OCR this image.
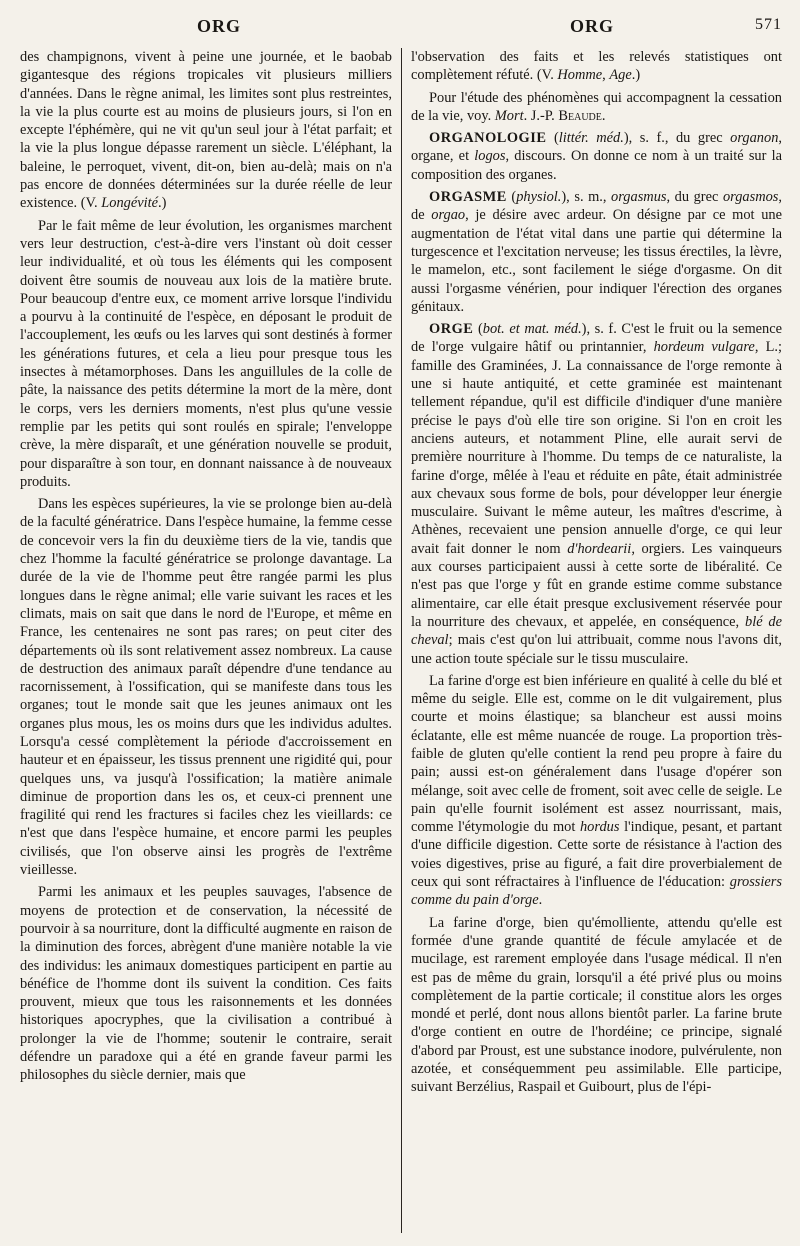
ORG	ORG	571

des champignons, vivent à peine une journée, et le baobab gigantesque des régions tropicales vit plusieurs milliers d'années. Dans le règne animal, les limites sont plus restreintes, la vie la plus courte est au moins de plusieurs jours, si l'on en excepte l'éphémère, qui ne vit qu'un seul jour à l'état parfait; et la vie la plus longue dépasse rarement un siècle. L'éléphant, la baleine, le perroquet, vivent, dit-on, bien au-delà; mais on n'a pas encore de données déterminées sur la durée réelle de leur existence. (V. Longévité.)

Par le fait même de leur évolution, les organismes marchent vers leur destruction, c'est-à-dire vers l'instant où doit cesser leur individualité, et où tous les éléments qui les composent doivent être soumis de nouveau aux lois de la matière brute. Pour beaucoup d'entre eux, ce moment arrive lorsque l'individu a pourvu à la continuité de l'espèce, en déposant le produit de l'accouplement, les œufs ou les larves qui sont destinés à former les générations futures, et cela a lieu pour presque tous les insectes à métamorphoses. Dans les anguillules de la colle de pâte, la naissance des petits détermine la mort de la mère, dont le corps, vers les derniers moments, n'est plus qu'une vessie remplie par les petits qui sont roulés en spirale; l'enveloppe crève, la mère disparaît, et une génération nouvelle se produit, pour disparaître à son tour, en donnant naissance à de nouveaux produits.

Dans les espèces supérieures, la vie se prolonge bien au-delà de la faculté génératrice. Dans l'espèce humaine, la femme cesse de concevoir vers la fin du deuxième tiers de la vie, tandis que chez l'homme la faculté génératrice se prolonge davantage. La durée de la vie de l'homme peut être rangée parmi les plus longues dans le règne animal; elle varie suivant les races et les climats, mais on sait que dans le nord de l'Europe, et même en France, les centenaires ne sont pas rares; on peut citer des départements où ils sont relativement assez nombreux. La cause de destruction des animaux paraît dépendre d'une tendance au racornissement, à l'ossification, qui se manifeste dans tous les organes; tout le monde sait que les jeunes animaux ont les organes plus mous, les os moins durs que les individus adultes. Lorsqu'a cessé complètement la période d'accroissement en hauteur et en épaisseur, les tissus prennent une rigidité qui, pour quelques uns, va jusqu'à l'ossification; la matière animale diminue de proportion dans les os, et ceux-ci prennent une fragilité qui rend les fractures si faciles chez les vieillards: ce n'est que dans l'espèce humaine, et encore parmi les peuples civilisés, que l'on observe ainsi les progrès de l'extrême vieillesse.

Parmi les animaux et les peuples sauvages, l'absence de moyens de protection et de conservation, la nécessité de pourvoir à sa nourriture, dont la difficulté augmente en raison de la diminution des forces, abrègent d'une manière notable la vie des individus: les animaux domestiques participent en partie au bénéfice de l'homme dont ils suivent la condition. Ces faits prouvent, mieux que tous les raisonnements et les données historiques apocryphes, que la civilisation a contribué à prolonger la vie de l'homme; soutenir le contraire, serait défendre un paradoxe qui a été en grande faveur parmi les philosophes du siècle dernier, mais que

l'observation des faits et les relevés statistiques ont complètement réfuté. (V. Homme, Age.)

Pour l'étude des phénomènes qui accompagnent la cessation de la vie, voy. Mort. J.-P. Beaude.

ORGANOLOGIE (littér. méd.), s. f., du grec organon, organe, et logos, discours. On donne ce nom à un traité sur la composition des organes.

ORGASME (physiol.), s. m., orgasmus, du grec orgasmos, de orgao, je désire avec ardeur. On désigne par ce mot une augmentation de l'état vital dans une partie qui détermine la turgescence et l'excitation nerveuse; les tissus érectiles, la lèvre, le mamelon, etc., sont facilement le siége d'orgasme. On dit aussi l'orgasme vénérien, pour indiquer l'érection des organes génitaux.

ORGE (bot. et mat. méd.), s. f. C'est le fruit ou la semence de l'orge vulgaire hâtif ou printannier, hordeum vulgare, L.; famille des Graminées, J. La connaissance de l'orge remonte à une si haute antiquité, et cette graminée est maintenant tellement répandue, qu'il est difficile d'indiquer d'une manière précise le pays d'où elle tire son origine. Si l'on en croit les anciens auteurs, et notamment Pline, elle aurait servi de première nourriture à l'homme. Du temps de ce naturaliste, la farine d'orge, mêlée à l'eau et réduite en pâte, était administrée aux chevaux sous forme de bols, pour développer leur énergie musculaire. Suivant le même auteur, les maîtres d'escrime, à Athènes, recevaient une pension annuelle d'orge, ce qui leur avait fait donner le nom d'hordearii, orgiers. Les vainqueurs aux courses participaient aussi à cette sorte de libéralité. Ce n'est pas que l'orge y fût en grande estime comme substance alimentaire, car elle était presque exclusivement réservée pour la nourriture des chevaux, et appelée, en conséquence, blé de cheval; mais c'est qu'on lui attribuait, comme nous l'avons dit, une action toute spéciale sur le tissu musculaire.

La farine d'orge est bien inférieure en qualité à celle du blé et même du seigle. Elle est, comme on le dit vulgairement, plus courte et moins élastique; sa blancheur est aussi moins éclatante, elle est même nuancée de rouge. La proportion très-faible de gluten qu'elle contient la rend peu propre à faire du pain; aussi est-on généralement dans l'usage d'opérer son mélange, soit avec celle de froment, soit avec celle de seigle. Le pain qu'elle fournit isolément est assez nourrissant, mais, comme l'étymologie du mot hordus l'indique, pesant, et partant d'une difficile digestion. Cette sorte de résistance à l'action des voies digestives, prise au figuré, a fait dire proverbialement de ceux qui sont réfractaires à l'influence de l'éducation: grossiers comme du pain d'orge.

La farine d'orge, bien qu'émolliente, attendu qu'elle est formée d'une grande quantité de fécule amylacée et de mucilage, est rarement employée dans l'usage médical. Il n'en est pas de même du grain, lorsqu'il a été privé plus ou moins complètement de la partie corticale; il constitue alors les orges mondé et perlé, dont nous allons bientôt parler. La farine brute d'orge contient en outre de l'hordéine; ce principe, signalé d'abord par Proust, est une substance inodore, pulvérulente, non azotée, et conséquemment peu assimilable. Elle participe, suivant Berzélius, Raspail et Guibourt, plus de l'épi-
